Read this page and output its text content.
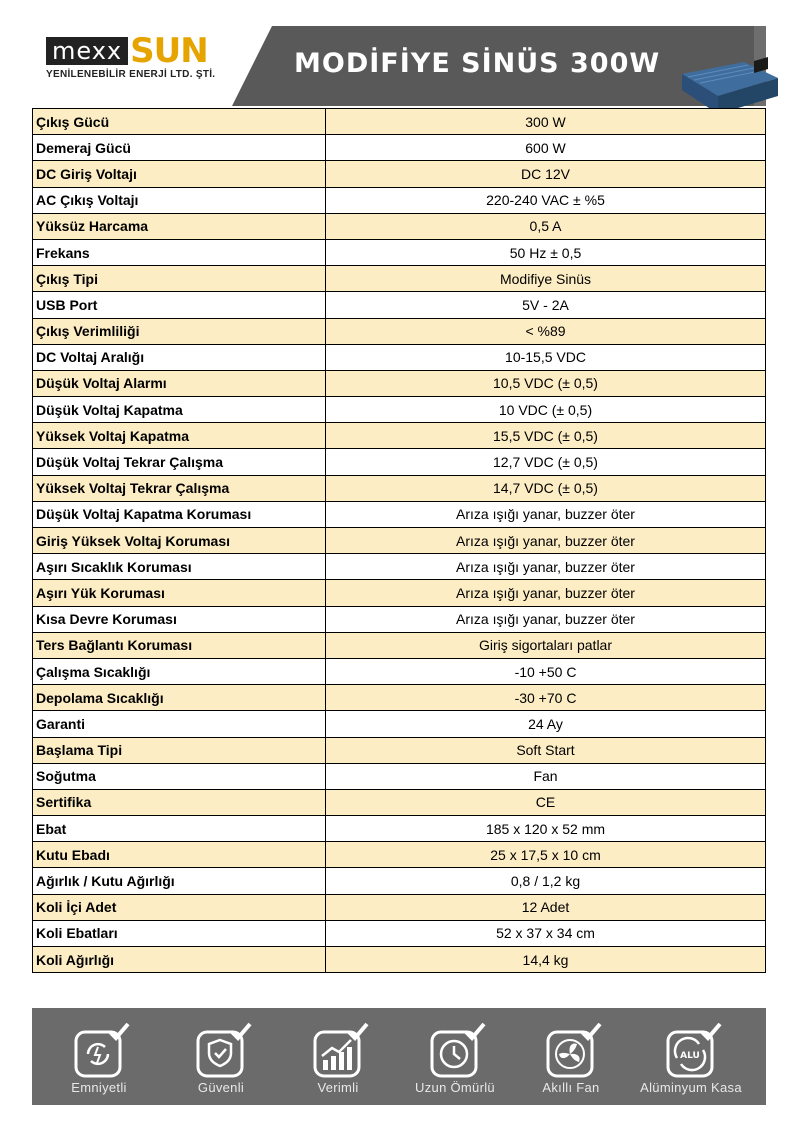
mexx SUN
YENİLENEBİLİR ENERJİ LTD. ŞTİ.	MODİFİYE SİNÜS 300W
Çıkış Gücü	300 W
Demeraj Gücü	600 W
DC Giriş Voltajı	DC 12V
AC Çıkış Voltajı	220-240 VAC ± %5
Yüksüz Harcama	0,5 A
Frekans	50 Hz ± 0,5
Çıkış Tipi	Modifiye Sinüs
USB Port	5V - 2A
Çıkış Verimliliği	< %89
DC Voltaj Aralığı	10-15,5 VDC
Düşük Voltaj Alarmı	10,5 VDC (± 0,5)
Düşük Voltaj Kapatma	10 VDC (± 0,5)
Yüksek Voltaj Kapatma	15,5 VDC (± 0,5)
Düşük Voltaj Tekrar Çalışma	12,7 VDC (± 0,5)
Yüksek Voltaj Tekrar Çalışma	14,7 VDC (± 0,5)
Düşük Voltaj Kapatma Koruması	Arıza ışığı yanar, buzzer öter
Giriş Yüksek Voltaj Koruması	Arıza ışığı yanar, buzzer öter
Aşırı Sıcaklık Koruması	Arıza ışığı yanar, buzzer öter
Aşırı Yük Koruması	Arıza ışığı yanar, buzzer öter
Kısa Devre Koruması	Arıza ışığı yanar, buzzer öter
Ters Bağlantı Koruması	Giriş sigortaları patlar
Çalışma Sıcaklığı	-10 +50 C
Depolama Sıcaklığı	-30 +70 C
Garanti	24 Ay
Başlama Tipi	Soft Start
Soğutma	Fan
Sertifika	CE
Ebat	185 x 120 x 52 mm
Kutu Ebadı	25 x 17,5 x 10 cm
Ağırlık / Kutu Ağırlığı	0,8 / 1,2 kg
Koli İçi Adet	12 Adet
Koli Ebatları	52 x 37 x 34 cm
Koli Ağırlığı	14,4 kg
Emniyetli	Güvenli	Verimli	Uzun Ömürlü	Akıllı Fan
ALU
Alüminyum Kasa
